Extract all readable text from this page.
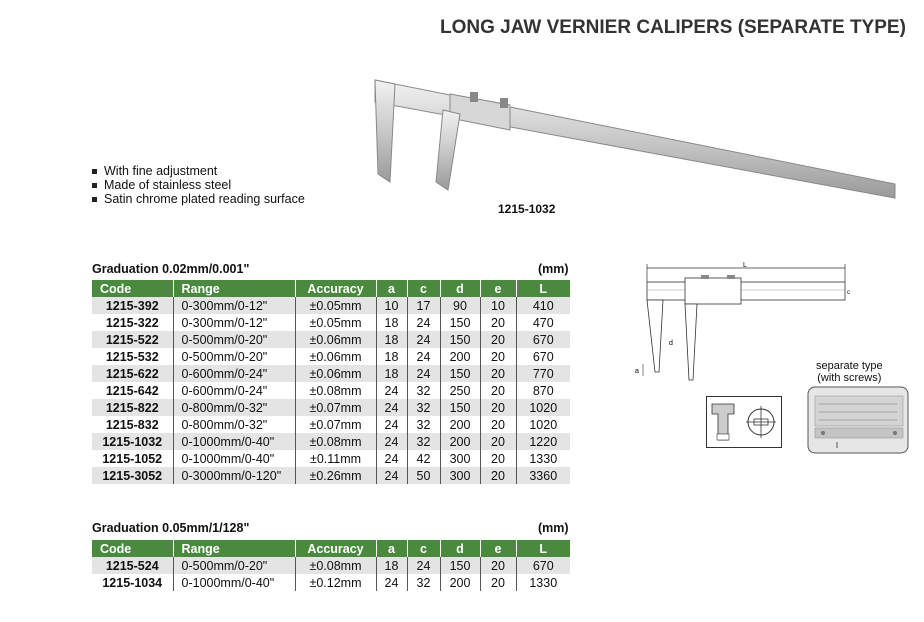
LONG JAW VERNIER CALIPERS (SEPARATE TYPE)
With fine adjustment
Made of stainless steel
Satin chrome plated reading surface
1215-1032
Graduation 0.02mm/0.001"	(mm)
Code	Range	Accuracy	a	c	d	e	L
1215-392	0-300mm/0-12"	±0.05mm	10	17	90	10	410
1215-322	0-300mm/0-12"	±0.05mm	18	24	150	20	470
1215-522	0-500mm/0-20"	±0.06mm	18	24	150	20	670
1215-532	0-500mm/0-20"	±0.06mm	18	24	200	20	670
1215-622	0-600mm/0-24"	±0.06mm	18	24	150	20	770
1215-642	0-600mm/0-24"	±0.08mm	24	32	250	20	870
1215-822	0-800mm/0-32"	±0.07mm	24	32	150	20	1020
1215-832	0-800mm/0-32"	±0.07mm	24	32	200	20	1020
1215-1032	0-1000mm/0-40"	±0.08mm	24	32	200	20	1220
1215-1052	0-1000mm/0-40"	±0.11mm	24	42	300	20	1330
1215-3052	0-3000mm/0-120"	±0.26mm	24	50	300	20	3360
Graduation 0.05mm/1/128"	(mm)
Code	Range	Accuracy	a	c	d	e	L
1215-524	0-500mm/0-20"	±0.08mm	18	24	150	20	670
1215-1034	0-1000mm/0-40"	±0.12mm	24	32	200	20	1330
L
d
a
c
e
separate type
(with screws)
